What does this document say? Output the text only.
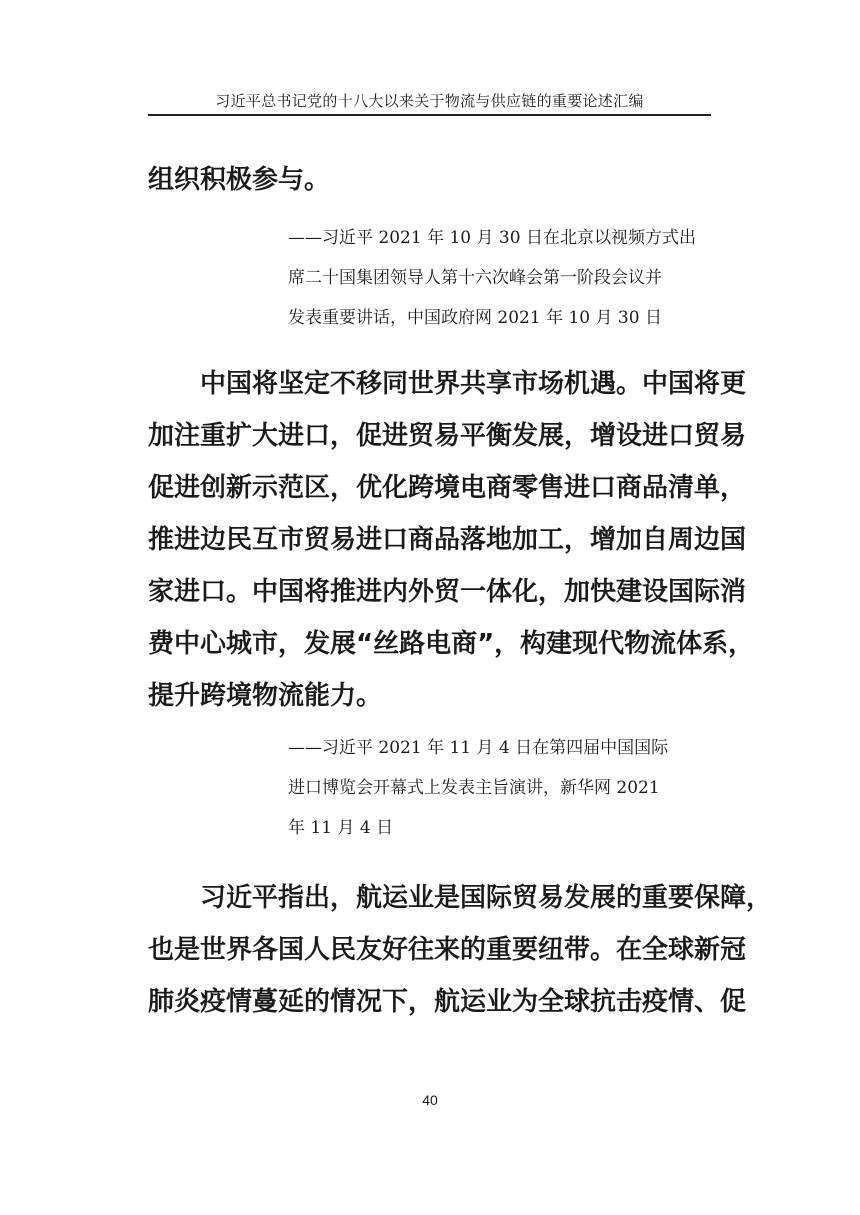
习近平总书记党的十八大以来关于物流与供应链的重要论述汇编
组织积极参与。
——习近平 2021 年 10 月 30 日在北京以视频方式出
席二十国集团领导人第十六次峰会第一阶段会议并
发表重要讲话，中国政府网 2021 年 10 月 30 日
　　中国将坚定不移同世界共享市场机遇。中国将更
加注重扩大进口，促进贸易平衡发展，增设进口贸易
促进创新示范区，优化跨境电商零售进口商品清单，
推进边民互市贸易进口商品落地加工，增加自周边国
家进口。中国将推进内外贸一体化，加快建设国际消
费中心城市，发展“丝路电商”，构建现代物流体系，
提升跨境物流能力。
——习近平 2021 年 11 月 4 日在第四届中国国际
进口博览会开幕式上发表主旨演讲，新华网 2021
年 11 月 4 日
　　习近平指出，航运业是国际贸易发展的重要保障，
也是世界各国人民友好往来的重要纽带。在全球新冠
肺炎疫情蔓延的情况下，航运业为全球抗击疫情、促
40
